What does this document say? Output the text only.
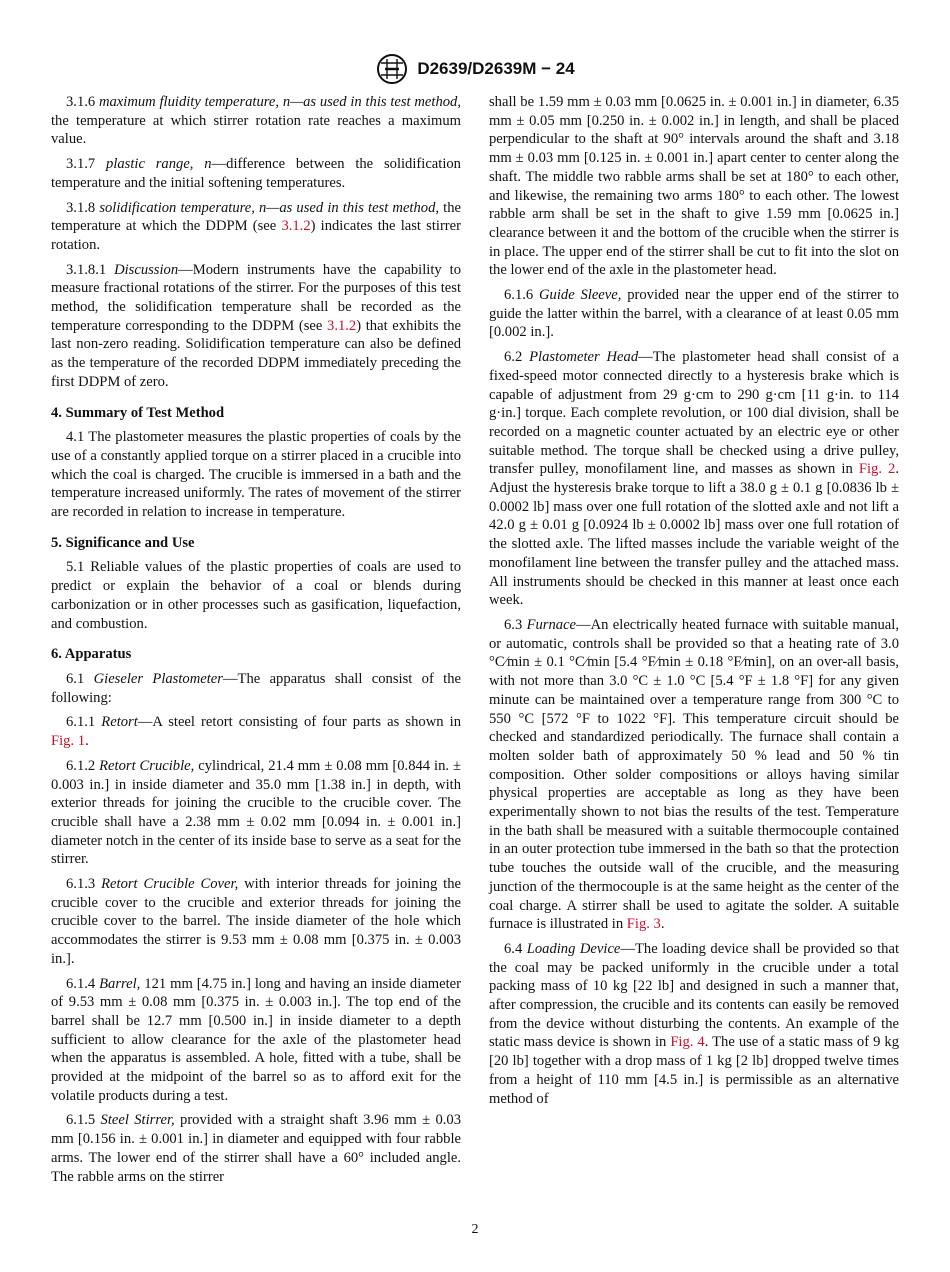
D2639/D2639M − 24

3.1.6 maximum fluidity temperature, n—as used in this test method, the temperature at which stirrer rotation rate reaches a maximum value.

3.1.7 plastic range, n—difference between the solidification temperature and the initial softening temperatures.

3.1.8 solidification temperature, n—as used in this test method, the temperature at which the DDPM (see 3.1.2) indicates the last stirrer rotation.

3.1.8.1 Discussion—Modern instruments have the capability to measure fractional rotations of the stirrer. For the purposes of this test method, the solidification temperature shall be recorded as the temperature corresponding to the DDPM (see 3.1.2) that exhibits the last non-zero reading. Solidification temperature can also be defined as the temperature of the recorded DDPM immediately preceding the first DDPM of zero.

4. Summary of Test Method

4.1 The plastometer measures the plastic properties of coals by the use of a constantly applied torque on a stirrer placed in a crucible into which the coal is charged. The crucible is immersed in a bath and the temperature increased uniformly. The rates of movement of the stirrer are recorded in relation to increase in temperature.

5. Significance and Use

5.1 Reliable values of the plastic properties of coals are used to predict or explain the behavior of a coal or blends during carbonization or in other processes such as gasification, liquefaction, and combustion.

6. Apparatus

6.1 Gieseler Plastometer—The apparatus shall consist of the following:

6.1.1 Retort—A steel retort consisting of four parts as shown in Fig. 1.

6.1.2 Retort Crucible, cylindrical, 21.4 mm ± 0.08 mm [0.844 in. ± 0.003 in.] in inside diameter and 35.0 mm [1.38 in.] in depth, with exterior threads for joining the crucible to the crucible cover. The crucible shall have a 2.38 mm ± 0.02 mm [0.094 in. ± 0.001 in.] diameter notch in the center of its inside base to serve as a seat for the stirrer.

6.1.3 Retort Crucible Cover, with interior threads for joining the crucible cover to the crucible and exterior threads for joining the crucible cover to the barrel. The inside diameter of the hole which accommodates the stirrer is 9.53 mm ± 0.08 mm [0.375 in. ± 0.003 in.].

6.1.4 Barrel, 121 mm [4.75 in.] long and having an inside diameter of 9.53 mm ± 0.08 mm [0.375 in. ± 0.003 in.]. The top end of the barrel shall be 12.7 mm [0.500 in.] in inside diameter to a depth sufficient to allow clearance for the axle of the plastometer head when the apparatus is assembled. A hole, fitted with a tube, shall be provided at the midpoint of the barrel so as to afford exit for the volatile products during a test.

6.1.5 Steel Stirrer, provided with a straight shaft 3.96 mm ± 0.03 mm [0.156 in. ± 0.001 in.] in diameter and equipped with four rabble arms. The lower end of the stirrer shall have a 60° included angle. The rabble arms on the stirrer

shall be 1.59 mm ± 0.03 mm [0.0625 in. ± 0.001 in.] in diameter, 6.35 mm ± 0.05 mm [0.250 in. ± 0.002 in.] in length, and shall be placed perpendicular to the shaft at 90° intervals around the shaft and 3.18 mm ± 0.03 mm [0.125 in. ± 0.001 in.] apart center to center along the shaft. The middle two rabble arms shall be set at 180° to each other, and likewise, the remaining two arms 180° to each other. The lowest rabble arm shall be set in the shaft to give 1.59 mm [0.0625 in.] clearance between it and the bottom of the crucible when the stirrer is in place. The upper end of the stirrer shall be cut to fit into the slot on the lower end of the axle in the plastometer head.

6.1.6 Guide Sleeve, provided near the upper end of the stirrer to guide the latter within the barrel, with a clearance of at least 0.05 mm [0.002 in.].

6.2 Plastometer Head—The plastometer head shall consist of a fixed-speed motor connected directly to a hysteresis brake which is capable of adjustment from 29 g·cm to 290 g·cm [11 g·in. to 114 g·in.] torque. Each complete revolution, or 100 dial division, shall be recorded on a magnetic counter actuated by an electric eye or other suitable method. The torque shall be checked using a drive pulley, transfer pulley, monofilament line, and masses as shown in Fig. 2. Adjust the hysteresis brake torque to lift a 38.0 g ± 0.1 g [0.0836 lb ± 0.0002 lb] mass over one full rotation of the slotted axle and not lift a 42.0 g ± 0.01 g [0.0924 lb ± 0.0002 lb] mass over one full rotation of the slotted axle. The lifted masses include the variable weight of the monofilament line between the transfer pulley and the attached mass. All instruments should be checked in this manner at least once each week.

6.3 Furnace—An electrically heated furnace with suitable manual, or automatic, controls shall be provided so that a heating rate of 3.0 °C⁄min ± 0.1 °C⁄min [5.4 °F⁄min ± 0.18 °F⁄min], on an over-all basis, with not more than 3.0 °C ± 1.0 °C [5.4 °F ± 1.8 °F] for any given minute can be maintained over a temperature range from 300 °C to 550 °C [572 °F to 1022 °F]. This temperature circuit should be checked and standardized periodically. The furnace shall contain a molten solder bath of approximately 50 % lead and 50 % tin composition. Other solder compositions or alloys having similar physical properties are acceptable as long as they have been experimentally shown to not bias the results of the test. Temperature in the bath shall be measured with a suitable thermocouple contained in an outer protection tube immersed in the bath so that the protection tube touches the outside wall of the crucible, and the measuring junction of the thermocouple is at the same height as the center of the coal charge. A stirrer shall be used to agitate the solder. A suitable furnace is illustrated in Fig. 3.

6.4 Loading Device—The loading device shall be provided so that the coal may be packed uniformly in the crucible under a total packing mass of 10 kg [22 lb] and designed in such a manner that, after compression, the crucible and its contents can easily be removed from the device without disturbing the contents. An example of the static mass device is shown in Fig. 4. The use of a static mass of 9 kg [20 lb] together with a drop mass of 1 kg [2 lb] dropped twelve times from a height of 110 mm [4.5 in.] is permissible as an alternative method of

2
